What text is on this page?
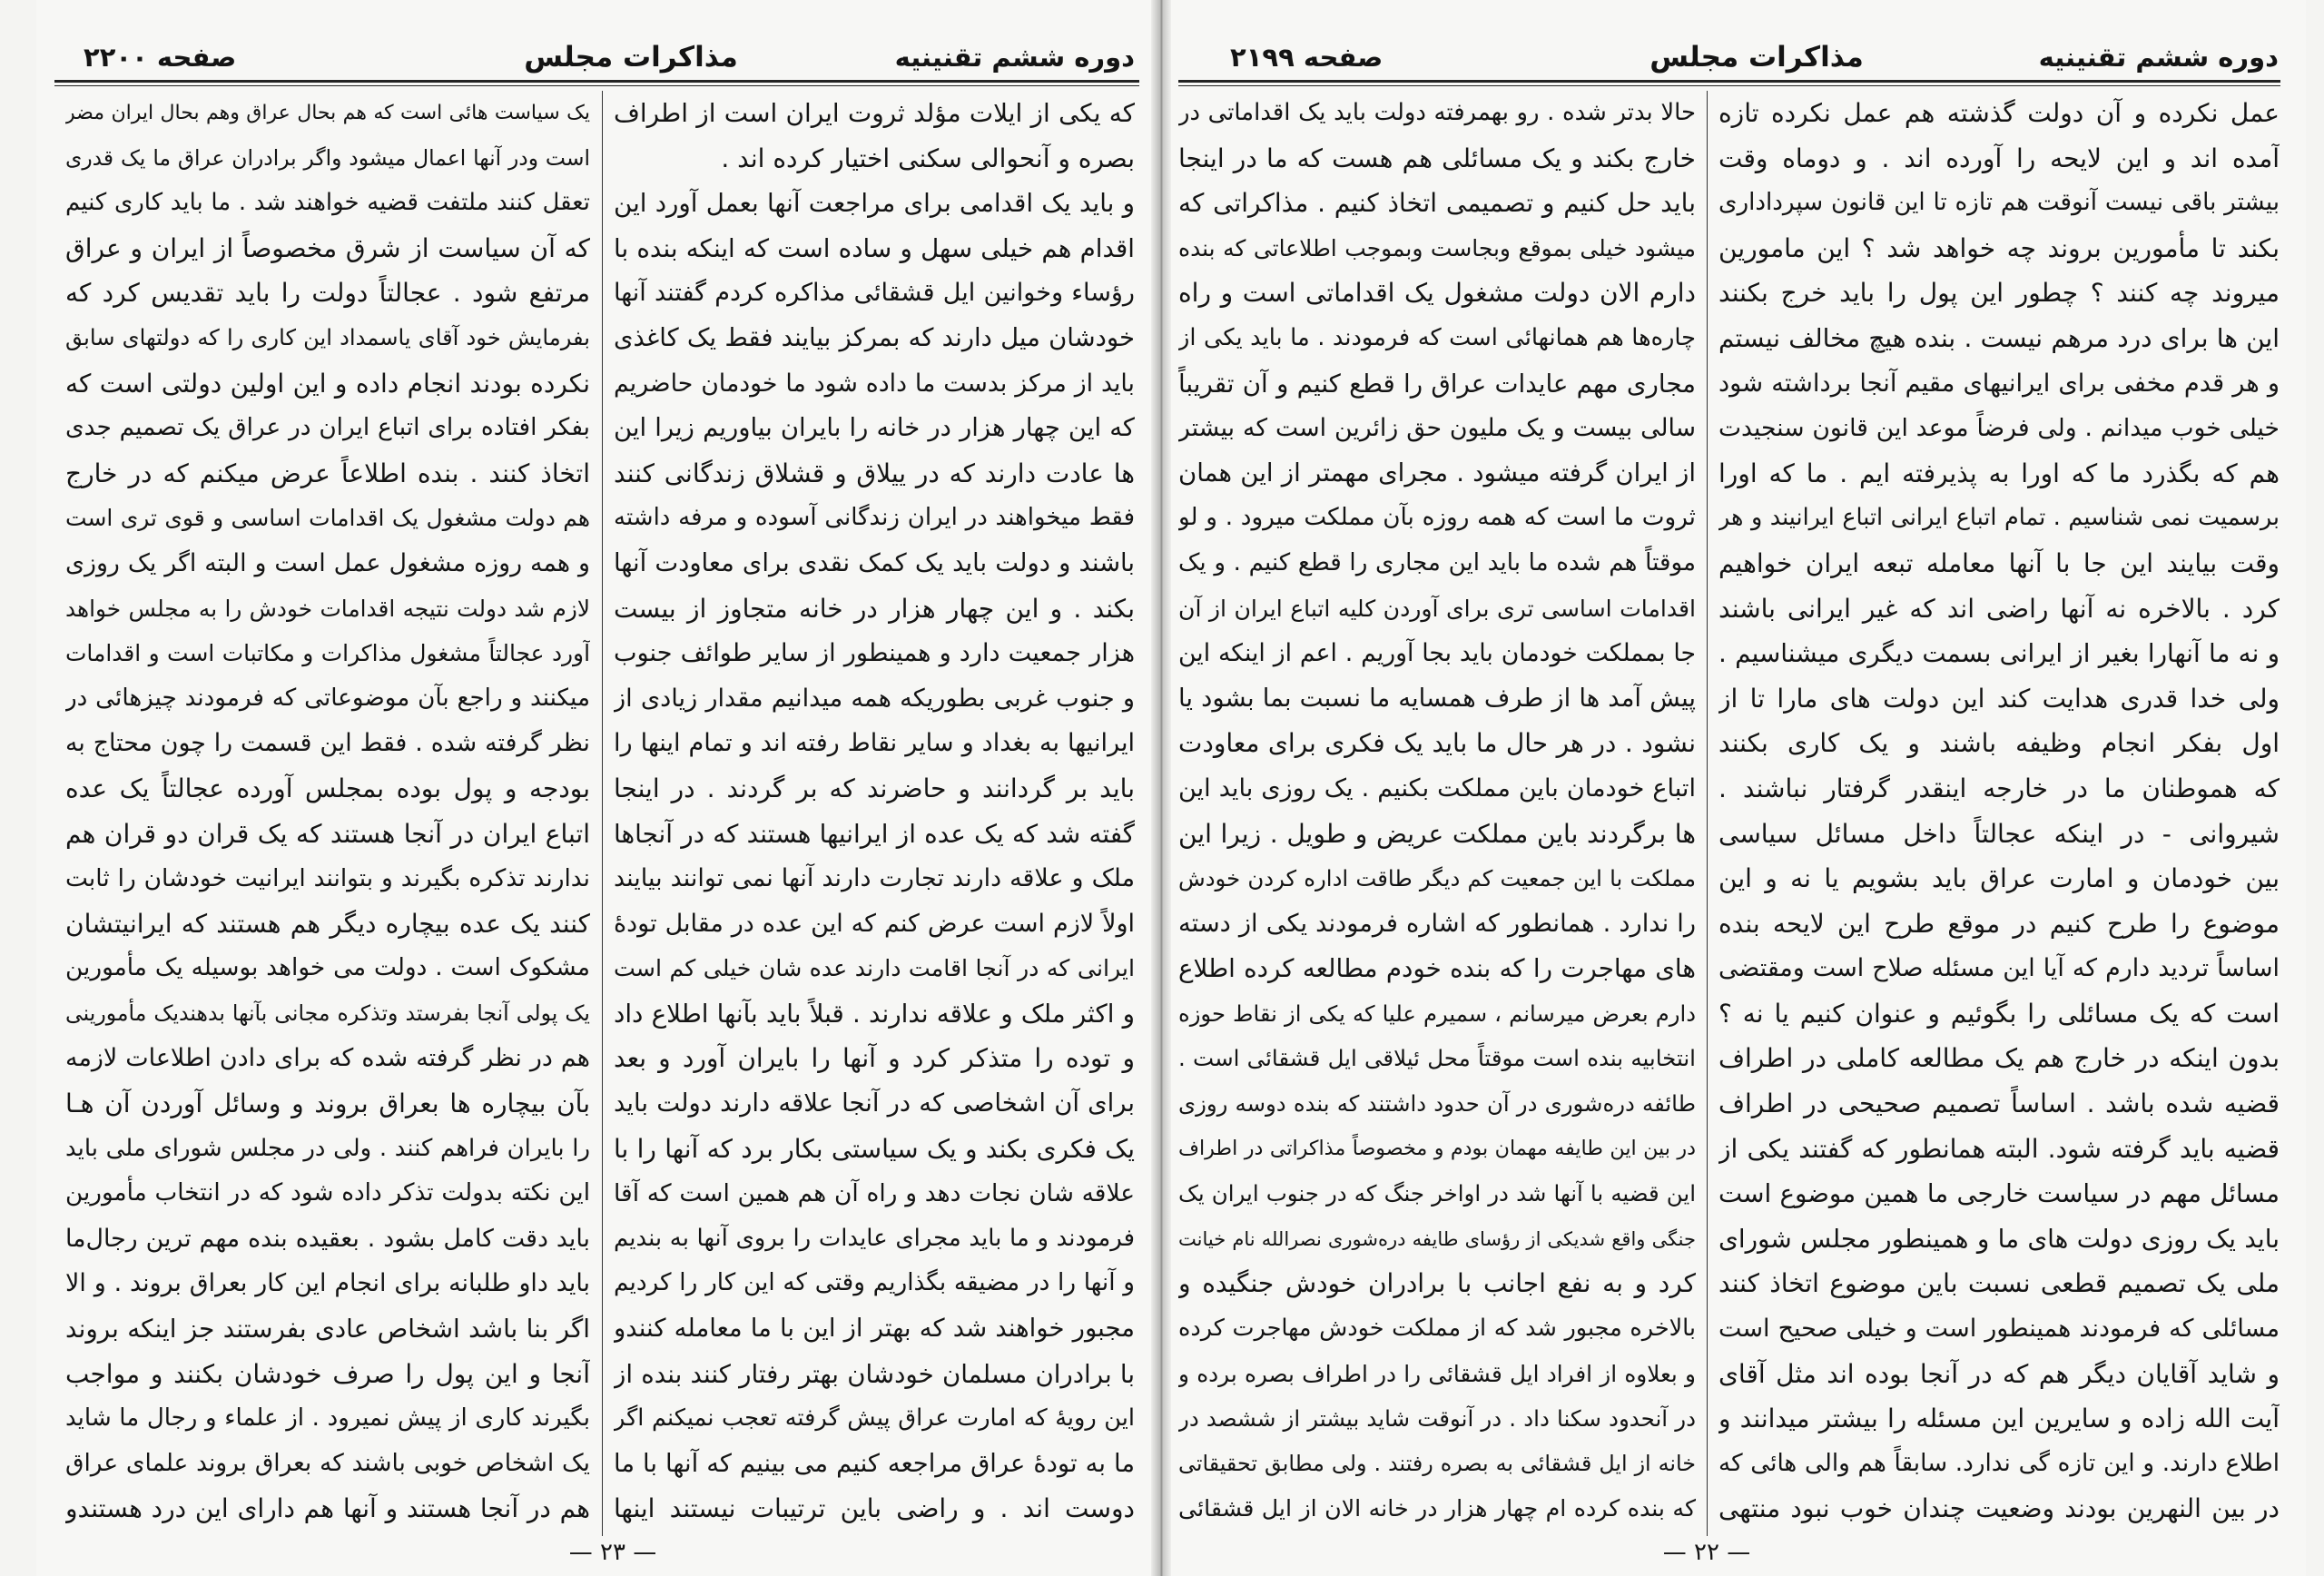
صفحه ۲۲۰۰	مذاکرات مجلس	دوره ششم تقنینیه	صفحه ۲۱۹۹	مذاکرات مجلس	دوره ششم تقنینیه
یک سیاست هائی است که هم بحال عراق وهم بحال ایران مضر
است ودر آنها اعمال میشود واگر برادران عراق ما یک قدری
تعقل کنند ملتفت قضیه خواهند شد . ما باید کاری کنیم
که آن سیاست از شرق مخصوصاً از ایران و عراق
مرتفع شود . عجالتاً دولت را باید تقدیس کرد که
بفرمایش خود آقای یاسمداد این کاری را که دولتهای سابق
نکرده بودند انجام داده و این اولین دولتی است که
بفکر افتاده برای اتباع ایران در عراق یک تصمیم جدی
اتخاذ کنند . بنده اطلاعاً عرض میکنم که در خارج
هم دولت مشغول یک اقدامات اساسی و قوی تری است
و همه روزه مشغول عمل است و البته اگر یک روزی
لازم شد دولت نتیجه اقدامات خودش را به مجلس خواهد
آورد عجالتاً مشغول مذاکرات و مکاتبات است و اقدامات
میکنند و راجع بآن موضوعاتی که فرمودند چیزهائی در
نظر گرفته شده . فقط این قسمت را چون محتاج به
بودجه و پول بوده بمجلس آورده عجالتاً یک عده
اتباع ایران در آنجا هستند که یک قران دو قران هم
ندارند تذکره بگیرند و بتوانند ایرانیت خودشان را ثابت
کنند یک عده بیچاره دیگر هم هستند که ایرانیتشان
مشکوک است . دولت می خواهد بوسیله یک مأمورین
یک پولی آنجا بفرستد وتذکره مجانی بآنها بدهندیک مأمورینی
هم در نظر گرفته شده که برای دادن اطلاعات لازمه
بآن بیچاره ها بعراق بروند و وسائل آوردن آن هـا
را بایران فراهم کنند . ولی در مجلس شورای ملی باید
این نکته بدولت تذکر داده شود که در انتخاب مأمورین
باید دقت کامل بشود . بعقیده بنده مهم ترین رجال‌ما
باید داو طلبانه برای انجام این کار بعراق بروند . و الا
اگر بنا باشد اشخاص عادی بفرستند جز اینکه بروند
آنجا و این پول را صرف خودشان بکنند و مواجب
بگیرند کاری از پیش نمیرود . از علماء و رجال ما شاید
یک اشخاص خوبی باشند که بعراق بروند علمای عراق
هم در آنجا هستند و آنها هم دارای این درد هستندو
که یکی از ایلات مؤلد ثروت ایران است از اطراف
بصره و آنحوالی سکنی اختیار کرده اند .
و باید یک اقدامی برای مراجعت آنها بعمل آورد این
اقدام هم خیلی سهل و ساده است که اینکه بنده با
رؤساء وخوانین ایل قشقائی مذاکره کردم گفتند آنها
خودشان میل دارند که بمرکز بیایند فقط یک کاغذی
باید از مرکز بدست ما داده شود ما خودمان حاضریم
که این چهار هزار در خانه را بایران بیاوریم زیرا این
ها عادت دارند که در ییلاق و قشلاق زندگانی کنند
فقط میخواهند در ایران زندگانی آسوده و مرفه داشته
باشند و دولت باید یک کمک نقدی برای معاودت آنها
بکند . و این چهار هزار در خانه متجاوز از بیست
هزار جمعیت دارد و همینطور از سایر طوائف جنوب
و جنوب غربی بطوریکه همه میدانیم مقدار زیادی از
ایرانیها به بغداد و سایر نقاط رفته اند و تمام اینها را
باید بر گردانند و حاضرند که بر گردند . در اینجا
گفته شد که یک عده از ایرانیها هستند که در آنجاها
ملک و علاقه دارند تجارت دارند آنها نمی توانند بیایند
اولاً لازم است عرض کنم که این عده در مقابل تودهٔ
ایرانی که در آنجا اقامت دارند عده شان خیلی کم است
و اکثر ملک و علاقه ندارند . قبلاً باید بآنها اطلاع داد
و توده را متذکر کرد و آنها را بایران آورد و بعد
برای آن اشخاصی که در آنجا علاقه دارند دولت باید
یک فکری بکند و یک سیاستی بکار برد که آنها را با
علاقه شان نجات دهد و راه آن هم همین است که آقا
فرمودند و ما باید مجرای عایدات را بروی آنها به بندیم
و آنها را در مضیقه بگذاریم وقتی که این کار را کردیم
مجبور خواهند شد که بهتر از این با ما معامله کنندو
با برادران مسلمان خودشان بهتر رفتار کنند بنده از
این رویهٔ که امارت عراق پیش گرفته تعجب نمیکنم اگر
ما به تودهٔ عراق مراجعه کنیم می بینیم که آنها با ما
دوست اند . و راضی باین ترتیبات نیستند اینها
حالا بدتر شده . رو بهمرفته دولت باید یک اقداماتی در
خارج بکند و یک مسائلی هم هست که ما در اینجا
باید حل کنیم و تصمیمی اتخاذ کنیم . مذاکراتی که
میشود خیلی بموقع وبجاست وبموجب اطلاعاتی که بنده
دارم الان دولت مشغول یک اقداماتی است و راه
چاره‌ها هم همانهائی است که فرمودند . ما باید یکی از
مجاری مهم عایدات عراق را قطع کنیم و آن تقریباً
سالی بیست و یک ملیون حق زائرین است که بیشتر
از ایران گرفته میشود . مجرای مهمتر از این همان
ثروت ما است که همه روزه بآن مملکت میرود . و لو
موقتاً هم شده ما باید این مجاری را قطع کنیم . و یک
اقدامات اساسی تری برای آوردن کلیه اتباع ایران از آن
جا بمملکت خودمان باید بجا آوریم . اعم از اینکه این
پیش آمد ها از طرف همسایه ما نسبت بما بشود یا
نشود . در هر حال ما باید یک فکری برای معاودت
اتباع خودمان باین مملکت بکنیم . یک روزی باید این
ها برگردند باین مملکت عریض و طویل . زیرا این
مملکت با این جمعیت کم دیگر طاقت اداره کردن خودش
را ندارد . همانطور که اشاره فرمودند یکی از دسته
های مهاجرت را که بنده خودم مطالعه کرده اطلاع
دارم بعرض میرسانم ، سمیرم علیا که یکی از نقاط حوزه
انتخابیه بنده است موقتاً محل ئیلاقی ایل قشقائی است .
طائفه دره‌شوری در آن حدود داشتند که بنده دوسه روزی
در بین این طایفه مهمان بودم و مخصوصاً مذاکراتی در اطراف
این قضیه با آنها شد در اواخر جنگ که در جنوب ایران یک
جنگی واقع شدیکی از رؤسای طایفه دره‌شوری نصرالله نام خیانت
کرد و به نفع اجانب با برادران خودش جنگیده و
بالاخره مجبور شد که از مملکت خودش مهاجرت کرده
و بعلاوه از افراد ایل قشقائی را در اطراف بصره برده و
در آنحدود سکنا داد . در آنوقت شاید بیشتر از ششصد در
خانه از ایل قشقائی به بصره رفتند . ولی مطابق تحقیقاتی
که بنده کرده ام چهار هزار در خانه الان از ایل قشقائی
عمل نکرده و آن دولت گذشته هم عمل نکرده تازه
آمده اند و این لایحه را آورده اند . و دوماه وقت
بیشتر باقی نیست آنوقت هم تازه تا این قانون سپرداداری
بکند تا مأمورین بروند چه خواهد شد ؟ این مامورین
میروند چه کنند ؟ چطور این پول را باید خرج بکنند
این ها برای درد مرهم نیست . بنده هیچ مخالف نیستم
و هر قدم مخفی برای ایرانیهای مقیم آنجا برداشته شود
خیلی خوب میدانم . ولی فرضاً موعد این قانون سنجیدت
هم که بگذرد ما که اورا به پذیرفته ایم . ما که اورا
برسمیت نمی شناسیم . تمام اتباع ایرانی اتباع ایرانیند و هر
وقت بیایند این جا با آنها معامله تبعه ایران خواهیم
کرد . بالاخره نه آنها راضی اند که غیر ایرانی باشند
و نه ما آنهارا بغیر از ایرانی بسمت دیگری میشناسیم .
ولی خدا قدری هدایت کند این دولت های مارا تا از
اول بفکر انجام وظیفه باشند و یک کاری بکنند
که هموطنان ما در خارجه اینقدر گرفتار نباشند .
شیروانی - در اینکه عجالتاً داخل مسائل سیاسی
بین خودمان و امارت عراق باید بشویم یا نه و این
موضوع را طرح کنیم در موقع طرح این لایحه بنده
اساساً تردید دارم که آیا این مسئله صلاح است ومقتضی
است که یک مسائلی را بگوئیم و عنوان کنیم یا نه ؟
بدون اینکه در خارج هم یک مطالعه کاملی در اطراف
قضیه شده باشد . اساساً تصمیم صحیحی در اطراف
قضیه باید گرفته شود. البته همانطور که گفتند یکی از
مسائل مهم در سیاست خارجی ما همین موضوع است
باید یک روزی دولت های ما و همینطور مجلس شورای
ملی یک تصمیم قطعی نسبت باین موضوع اتخاذ کنند
مسائلی که فرمودند همینطور است و خیلی صحیح است
و شاید آقایان دیگر هم که در آنجا بوده اند مثل آقای
آیت الله زاده و سایرین این مسئله را بیشتر میدانند و
اطلاع دارند. و این تازه گی ندارد. سابقاً هم والی هائی که
در بین النهرین بودند وضعیت چندان خوب نبود منتهی
— ۲۳ —	— ۲۲ —
